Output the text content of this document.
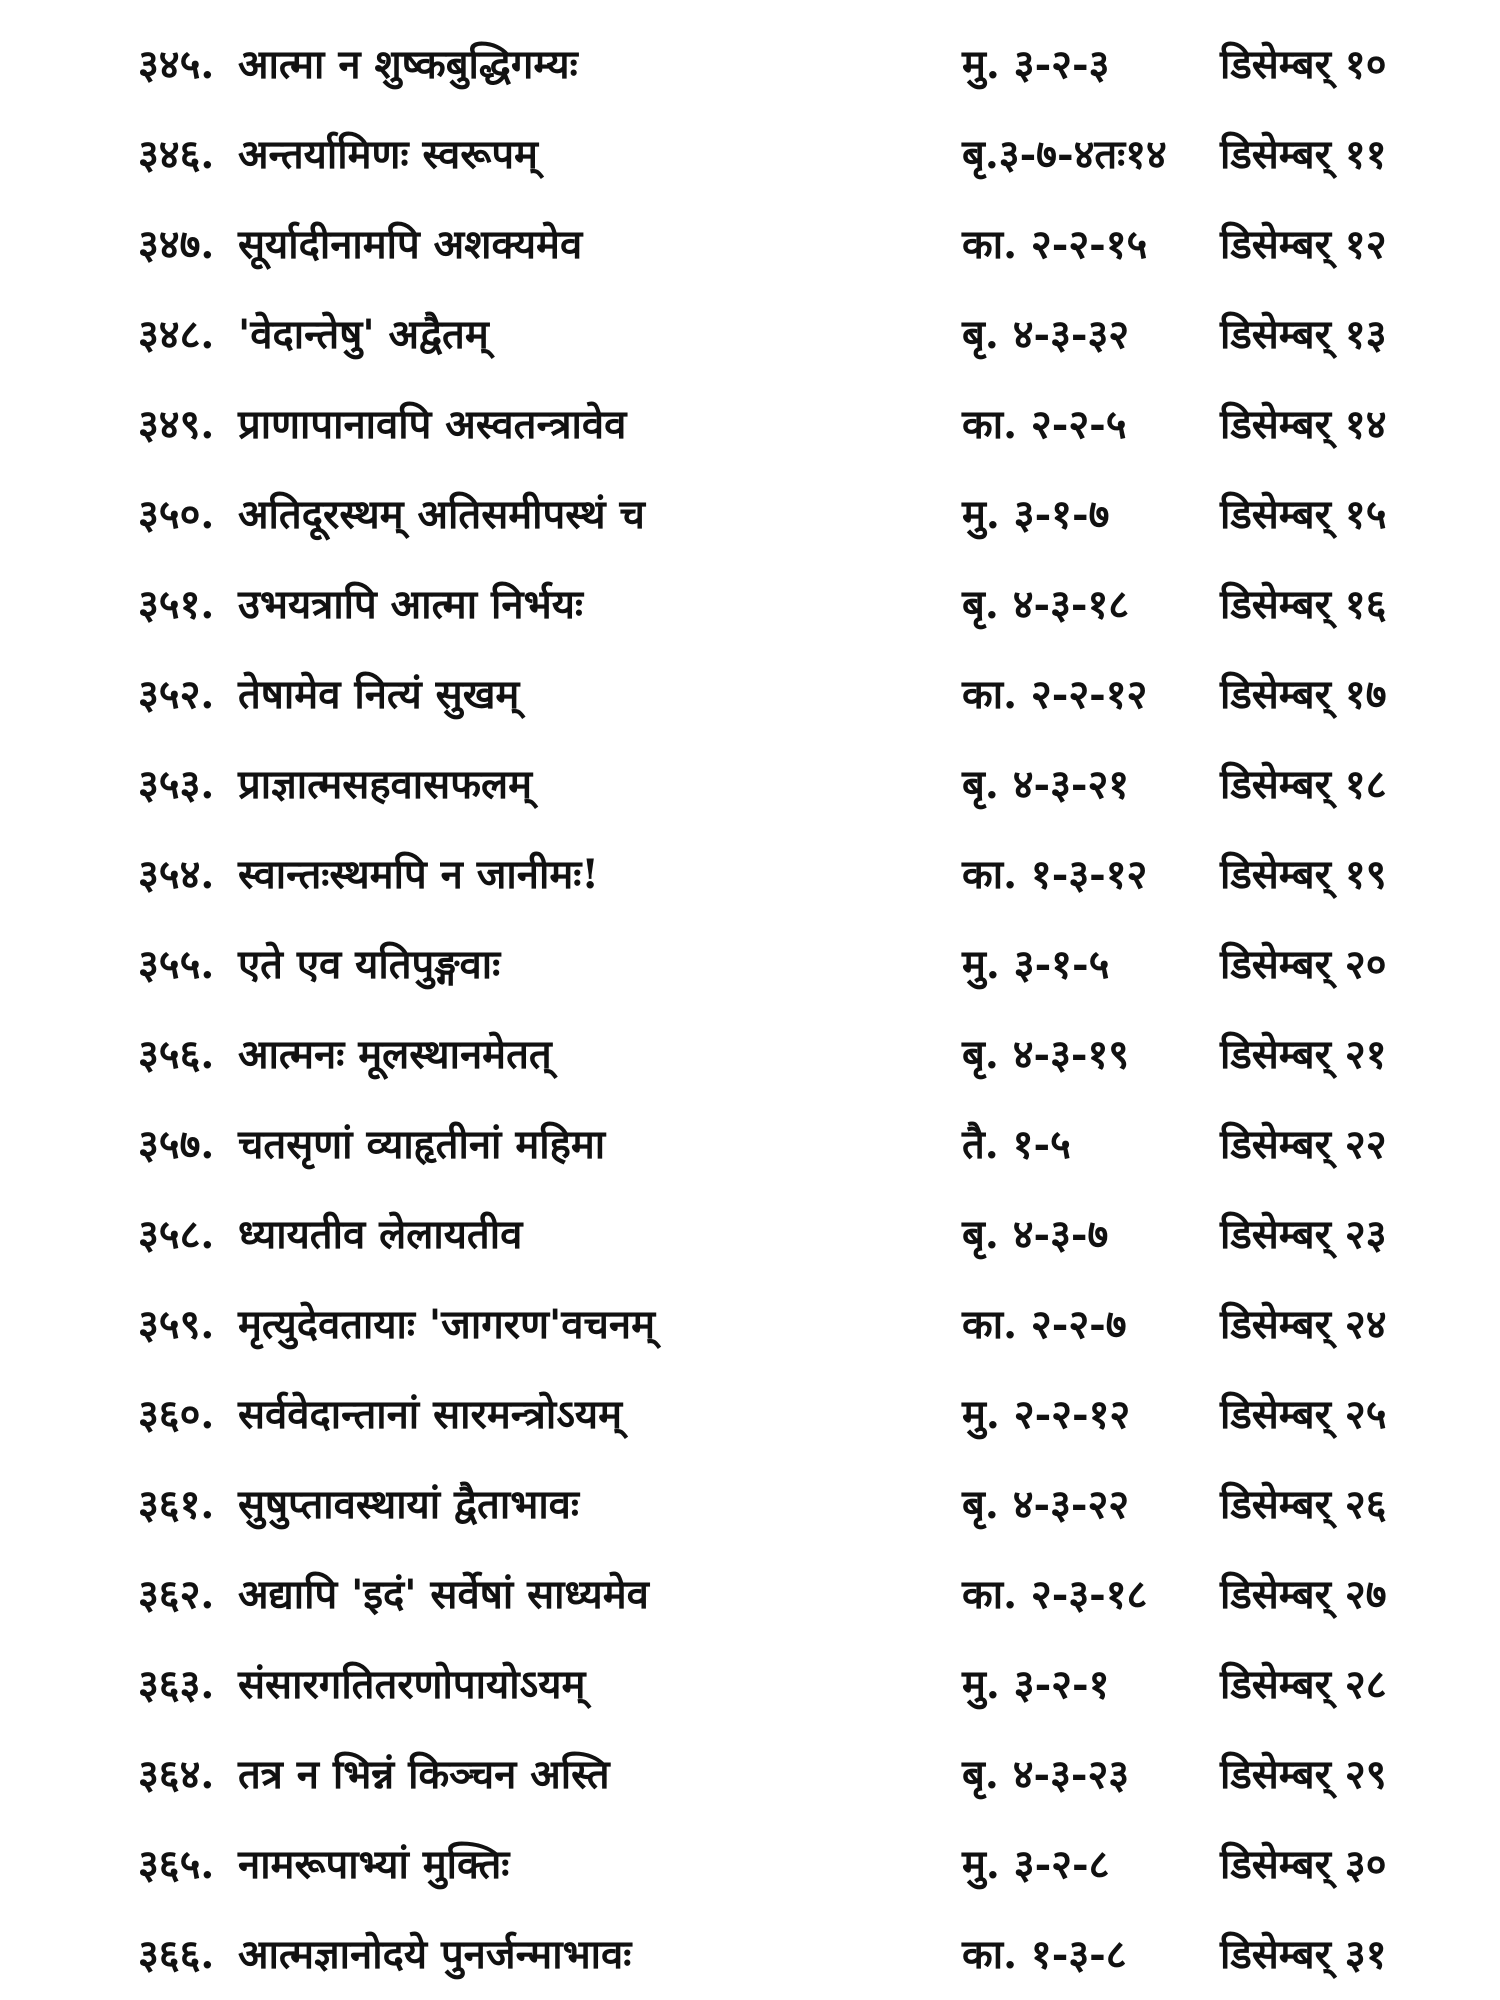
३४५. आत्मा न शुष्कबुद्धिगम्यः	मु. ३-२-३	डिसेम्बर् १०
३४६. अन्तर्यामिणः स्वरूपम्	बृ.३-७-४तः१४ डिसेम्बर् ११
३४७. सूर्यादीनामपि अशक्यमेव	का. २-२-१५ डिसेम्बर् १२
३४८. 'वेदान्तेषु' अद्वैतम्	बृ. ४-३-३२ डिसेम्बर् १३
३४९. प्राणापानावपि अस्वतन्त्रावेव	का. २-२-५ डिसेम्बर् १४
३५०. अतिदूरस्थम् अतिसमीपस्थं च	मु. ३-१-७	डिसेम्बर् १५
३५१. उभयत्रापि आत्मा निर्भयः	बृ. ४-३-१८ डिसेम्बर् १६
३५२. तेषामेव नित्यं सुखम्	का. २-२-१२ डिसेम्बर् १७
३५३. प्राज्ञात्मसहवासफलम्	बृ. ४-३-२१ डिसेम्बर् १८
३५४. स्वान्तःस्थमपि न जानीमः!	का. १-३-१२ डिसेम्बर् १९
३५५. एते एव यतिपुङ्गवाः	मु. ३-१-५	डिसेम्बर् २०
३५६. आत्मनः मूलस्थानमेतत्	बृ. ४-३-१९ डिसेम्बर् २१
३५७. चतसृणां व्याहृतीनां महिमा	तै. १-५	डिसेम्बर् २२
३५८. ध्यायतीव लेलायतीव	बृ. ४-३-७	डिसेम्बर् २३
३५९. मृत्युदेवतायाः 'जागरण'वचनम्	का. २-२-७ डिसेम्बर् २४
३६०. सर्ववेदान्तानां सारमन्त्रोऽयम्	मु. २-२-१२ डिसेम्बर् २५
३६१. सुषुप्तावस्थायां द्वैताभावः	बृ. ४-३-२२ डिसेम्बर् २६
३६२. अद्यापि 'इदं' सर्वेषां साध्यमेव	का. २-३-१८ डिसेम्बर् २७
३६३. संसारगतितरणोपायोऽयम्	मु. ३-२-१	डिसेम्बर् २८
३६४. तत्र न भिन्नं किञ्चन अस्ति	बृ. ४-३-२३ डिसेम्बर् २९
३६५. नामरूपाभ्यां मुक्तिः	मु. ३-२-८	डिसेम्बर् ३०
३६६. आत्मज्ञानोदये पुनर्जन्माभावः	का. १-३-८ डिसेम्बर् ३१
